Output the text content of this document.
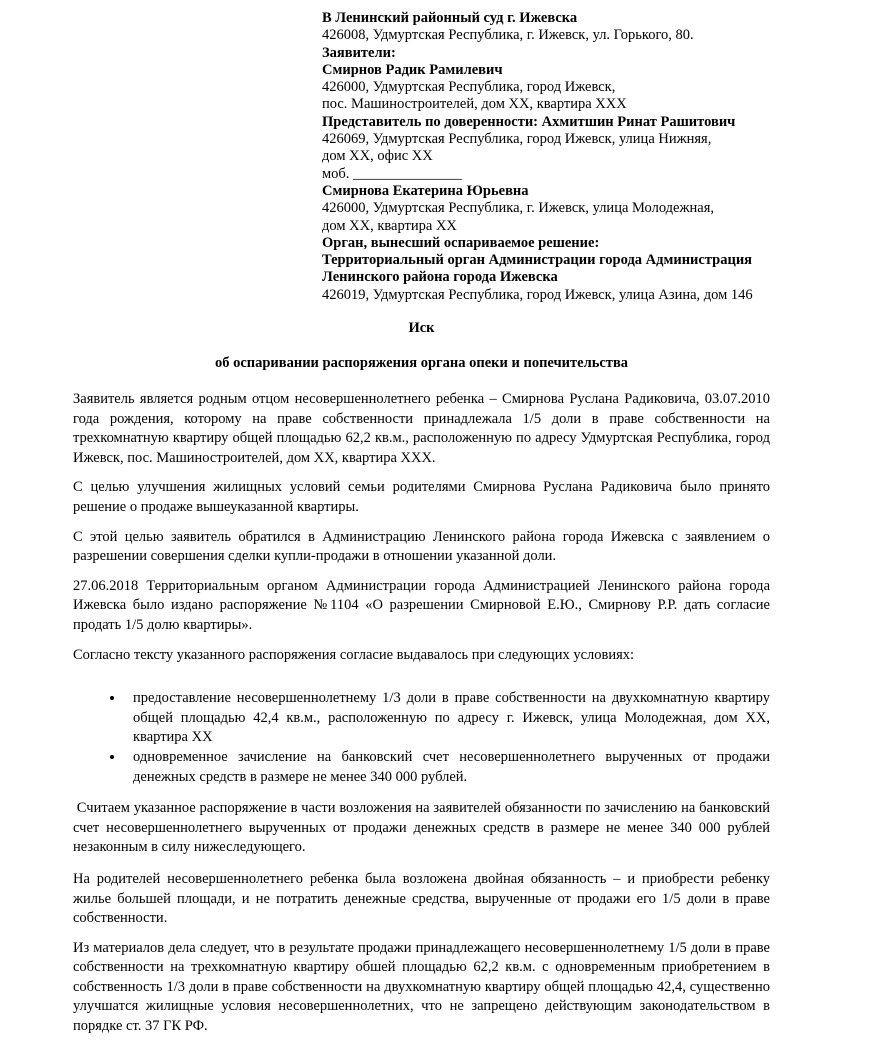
В Ленинский районный суд г. Ижевска
426008, Удмуртская Республика, г. Ижевск, ул. Горького, 80.
Заявители:
Смирнов Радик Рамилевич
426000, Удмуртская Республика, город Ижевск,
пос. Машиностроителей, дом XX, квартира XXX
Представитель по доверенности: Ахмитшин Ринат Рашитович
426069, Удмуртская Республика, город Ижевск, улица Нижняя,
дом XX, офис XX
моб. _______________
Смирнова Екатерина Юрьевна
426000, Удмуртская Республика, г. Ижевск, улица Молодежная,
дом XX, квартира XX
Орган, вынесший оспариваемое решение:
Территориальный орган Администрации города Администрация
Ленинского района города Ижевска
426019, Удмуртская Республика, город Ижевск, улица Азина, дом 146
Иск
об оспаривании распоряжения органа опеки и попечительства

Заявитель является родным отцом несовершеннолетнего ребенка – Смирнова Руслана Радиковича, 03.07.2010 года рождения, которому на праве собственности принадлежала 1/5 доли в праве собственности на трехкомнатную квартиру общей площадью 62,2 кв.м., расположенную по адресу Удмуртская Республика, город Ижевск, пос. Машиностроителей, дом XX, квартира XXX.

С целью улучшения жилищных условий семьи родителями Смирнова Руслана Радиковича было принято решение о продаже вышеуказанной квартиры.

С этой целью заявитель обратился в Администрацию Ленинского района города Ижевска с заявлением о разрешении совершения сделки купли-продажи в отношении указанной доли.

27.06.2018 Территориальным органом Администрации города Администрацией Ленинского района города Ижевска было издано распоряжение №1104 «О разрешении Смирновой Е.Ю., Смирнову Р.Р. дать согласие продать 1/5 долю квартиры».

Согласно тексту указанного распоряжения согласие выдавалось при следующих условиях:

• предоставление несовершеннолетнему 1/3 доли в праве собственности на двухкомнатную квартиру общей площадью 42,4 кв.м., расположенную по адресу г. Ижевск, улица Молодежная, дом XX, квартира XX
• одновременное зачисление на банковский счет несовершеннолетнего вырученных от продажи денежных средств в размере не менее 340 000 рублей.

Считаем указанное распоряжение в части возложения на заявителей обязанности по зачислению на банковский счет несовершеннолетнего вырученных от продажи денежных средств в размере не менее 340 000 рублей незаконным в силу нижеследующего.

На родителей несовершеннолетнего ребенка была возложена двойная обязанность – и приобрести ребенку жилье большей площади, и не потратить денежные средства, вырученные от продажи его 1/5 доли в праве собственности.

Из материалов дела следует, что в результате продажи принадлежащего несовершеннолетнему 1/5 доли в праве собственности на трехкомнатную квартиру обшей площадью 62,2 кв.м. с одновременным приобретением в собственность 1/3 доли в праве собственности на двухкомнатную квартиру общей площадью 42,4, существенно улучшатся жилищные условия несовершеннолетних, что не запрещено действующим законодательством в порядке ст. 37 ГК РФ.
